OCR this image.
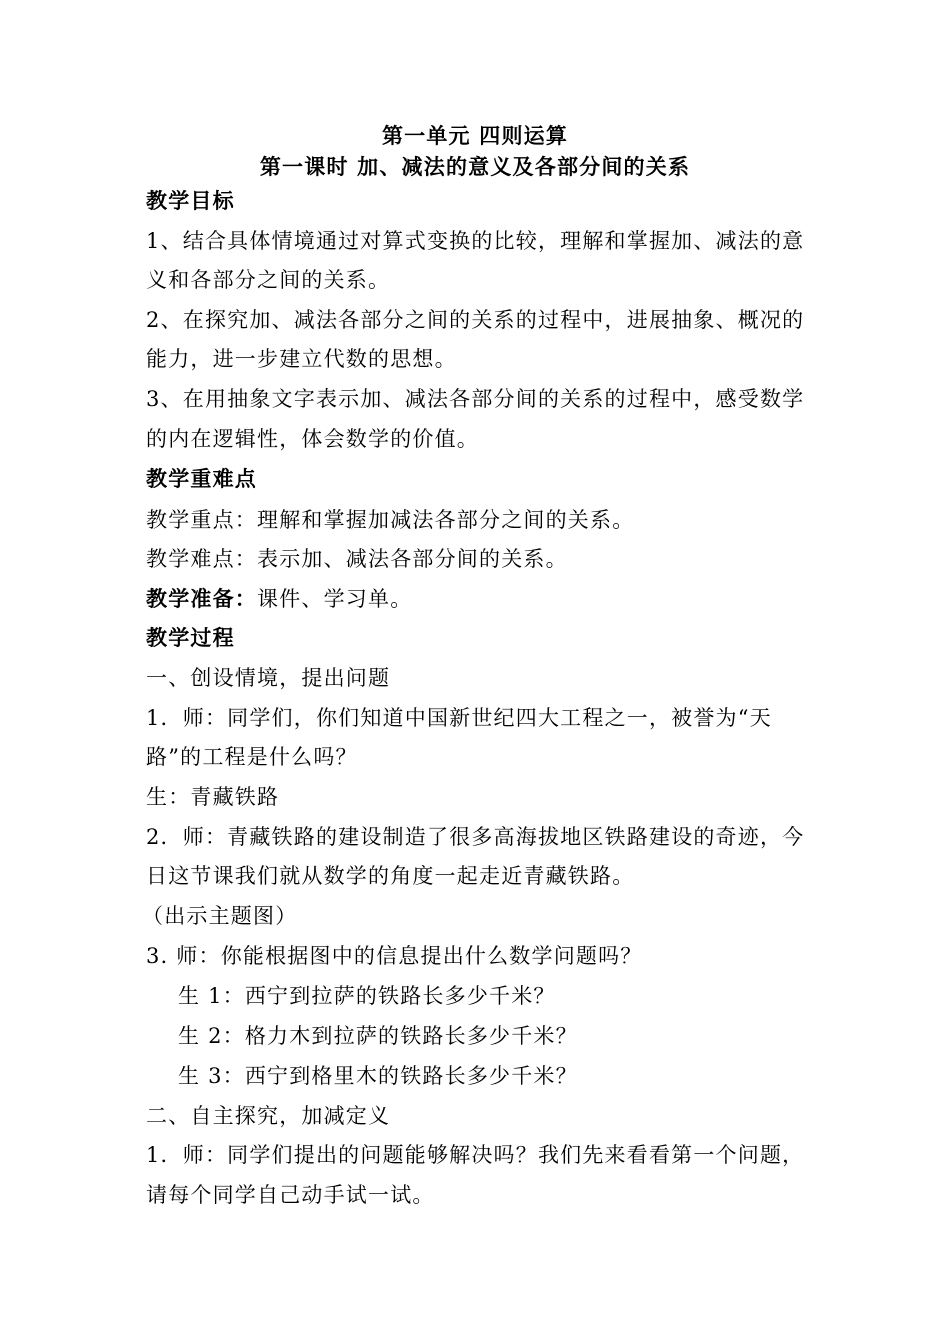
第一单元 四则运算
第一课时 加、减法的意义及各部分间的关系
教学目标
1、结合具体情境通过对算式变换的比较，理解和掌握加、减法的意
义和各部分之间的关系。
2、在探究加、减法各部分之间的关系的过程中，进展抽象、概况的
能力，进一步建立代数的思想。
3、在用抽象文字表示加、减法各部分间的关系的过程中，感受数学
的内在逻辑性，体会数学的价值。
教学重难点
教学重点：理解和掌握加减法各部分之间的关系。
教学难点：表示加、减法各部分间的关系。
教学准备：课件、学习单。
教学过程
一、创设情境，提出问题
1．师：同学们，你们知道中国新世纪四大工程之一，被誉为“天
路”的工程是什么吗？
生：青藏铁路
2．师：青藏铁路的建设制造了很多高海拔地区铁路建设的奇迹，今
日这节课我们就从数学的角度一起走近青藏铁路。
（出示主题图）
3. 师：你能根据图中的信息提出什么数学问题吗？
生 1：西宁到拉萨的铁路长多少千米？
生 2：格力木到拉萨的铁路长多少千米？
生 3：西宁到格里木的铁路长多少千米？
二、自主探究，加减定义
1．师：同学们提出的问题能够解决吗？我们先来看看第一个问题，
请每个同学自己动手试一试。
